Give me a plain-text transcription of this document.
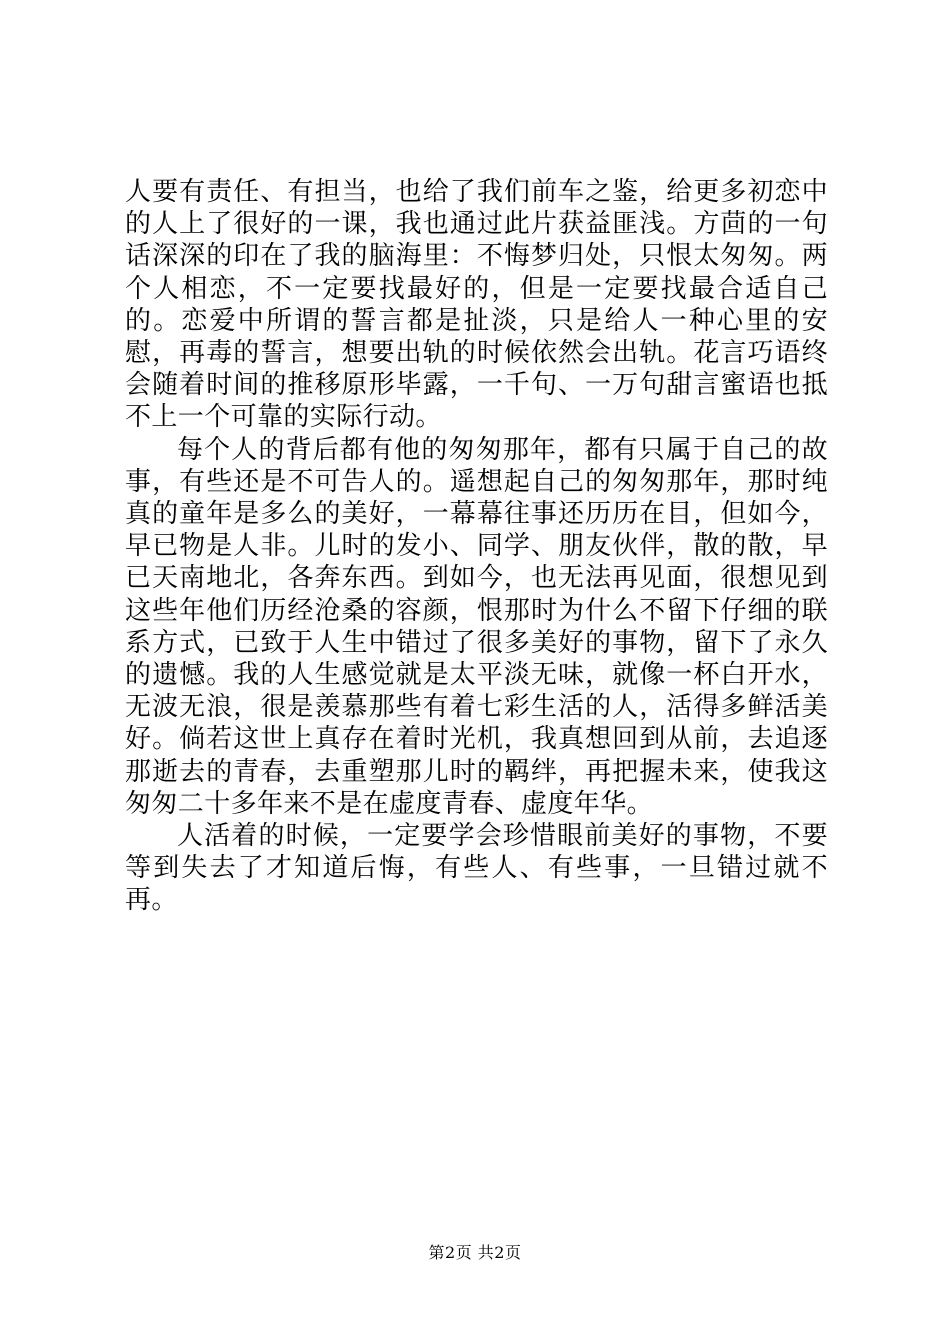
人要有责任、有担当，也给了我们前车之鉴，给更多初恋中的人上了很好的一课，我也通过此片获益匪浅。方茴的一句话深深的印在了我的脑海里：不悔梦归处，只恨太匆匆。两个人相恋，不一定要找最好的，但是一定要找最合适自己的。恋爱中所谓的誓言都是扯淡，只是给人一种心里的安慰，再毒的誓言，想要出轨的时候依然会出轨。花言巧语终会随着时间的推移原形毕露，一千句、一万句甜言蜜语也抵不上一个可靠的实际行动。

每个人的背后都有他的匆匆那年，都有只属于自己的故事，有些还是不可告人的。遥想起自己的匆匆那年，那时纯真的童年是多么的美好，一幕幕往事还历历在目，但如今，早已物是人非。儿时的发小、同学、朋友伙伴，散的散，早已天南地北，各奔东西。到如今，也无法再见面，很想见到这些年他们历经沧桑的容颜，恨那时为什么不留下仔细的联系方式，已致于人生中错过了很多美好的事物，留下了永久的遗憾。我的人生感觉就是太平淡无味，就像一杯白开水，无波无浪，很是羡慕那些有着七彩生活的人，活得多鲜活美好。倘若这世上真存在着时光机，我真想回到从前，去追逐那逝去的青春，去重塑那儿时的羁绊，再把握未来，使我这匆匆二十多年来不是在虚度青春、虚度年华。

人活着的时候，一定要学会珍惜眼前美好的事物，不要等到失去了才知道后悔，有些人、有些事，一旦错过就不再。

第2页 共2页
